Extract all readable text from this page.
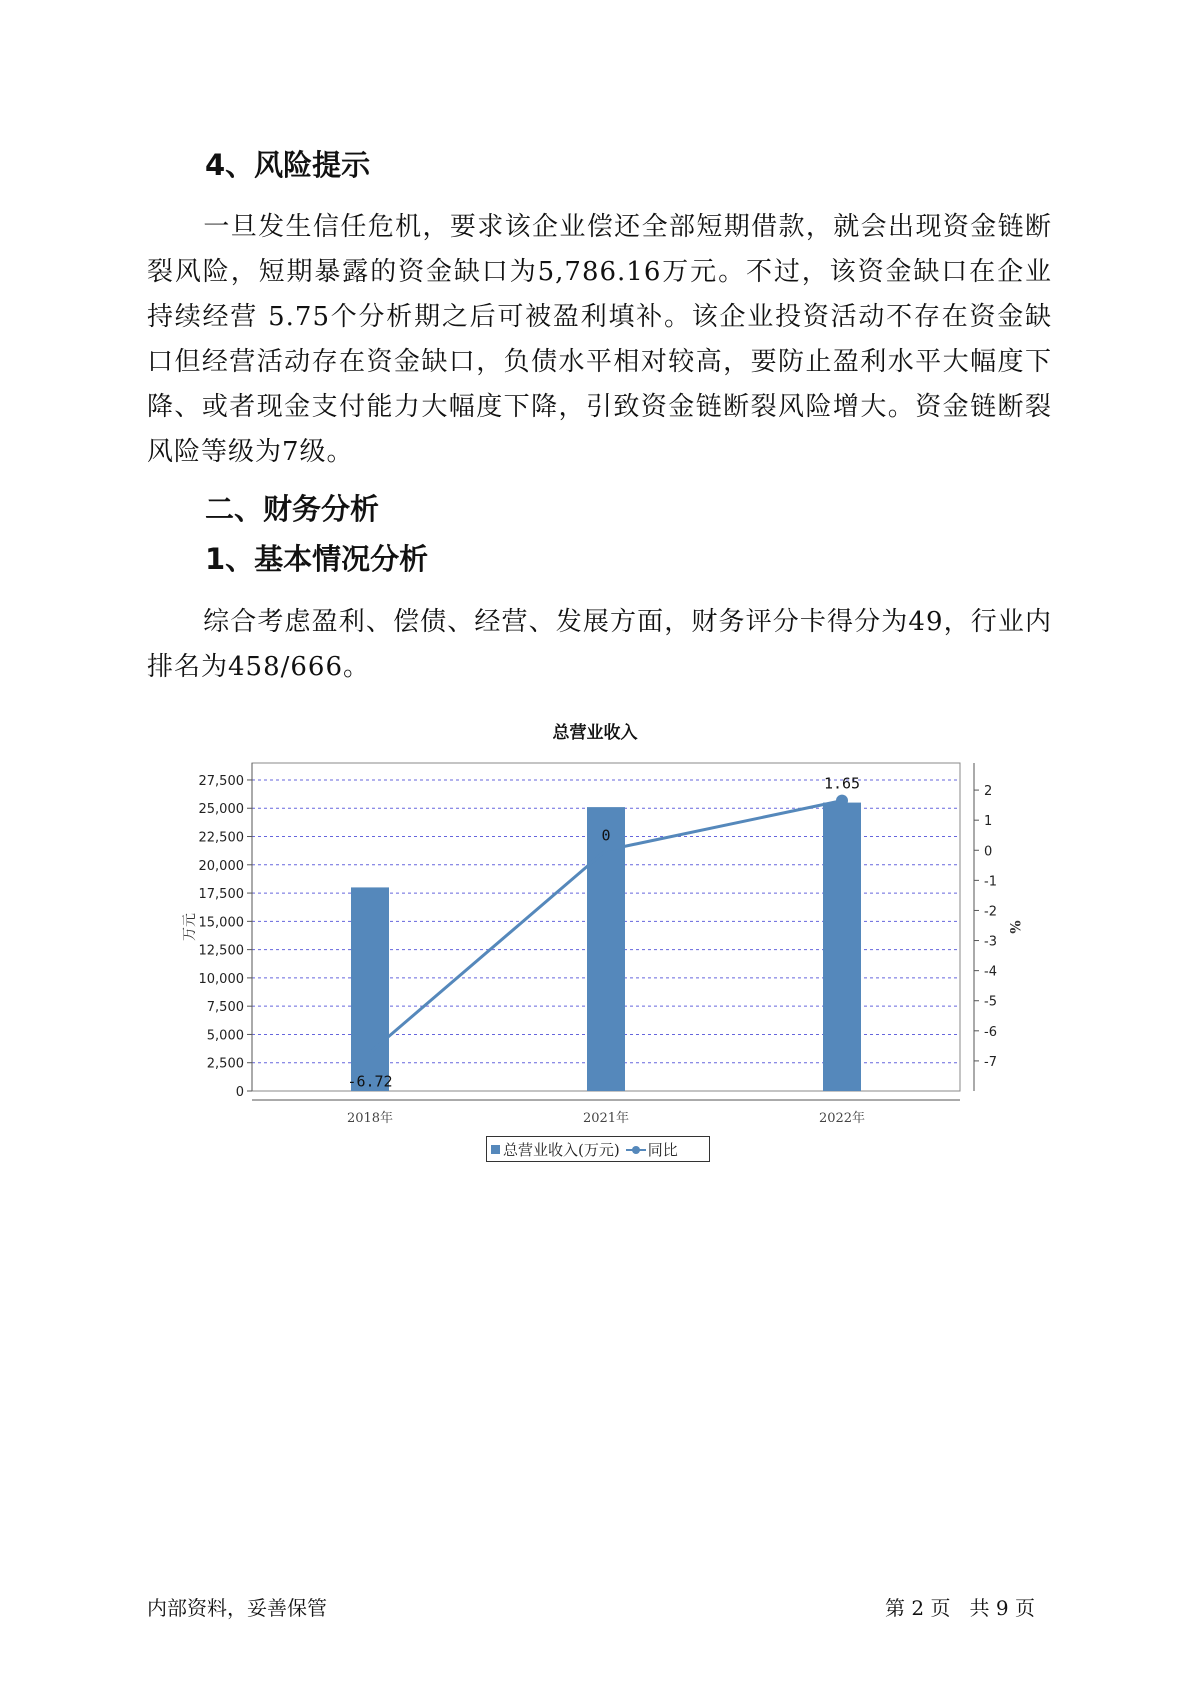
4、风险提示

一旦发生信任危机，要求该企业偿还全部短期借款，就会出现资金链断裂风险，短期暴露的资金缺口为5,786.16万元。不过，该资金缺口在企业持续经营 5.75个分析期之后可被盈利填补。该企业投资活动不存在资金缺口但经营活动存在资金缺口，负债水平相对较高，要防止盈利水平大幅度下降、或者现金支付能力大幅度下降，引致资金链断裂风险增大。资金链断裂风险等级为7级。

二、财务分析
1、基本情况分析

综合考虑盈利、偿债、经营、发展方面，财务评分卡得分为49，行业内排名为458/666。

总营业收入
0
2,500
5,000
7,500
10,000
12,500
15,000
17,500
20,000
22,500
25,000
27,500
-7
-6
-5
-4
-3
-2
-1
0
1
2
万元	%
2018年	2021年	2022年
-6.72
0
1.65
总营业收入(万元) 同比
内部资料，妥善保管	第 2 页   共 9 页
